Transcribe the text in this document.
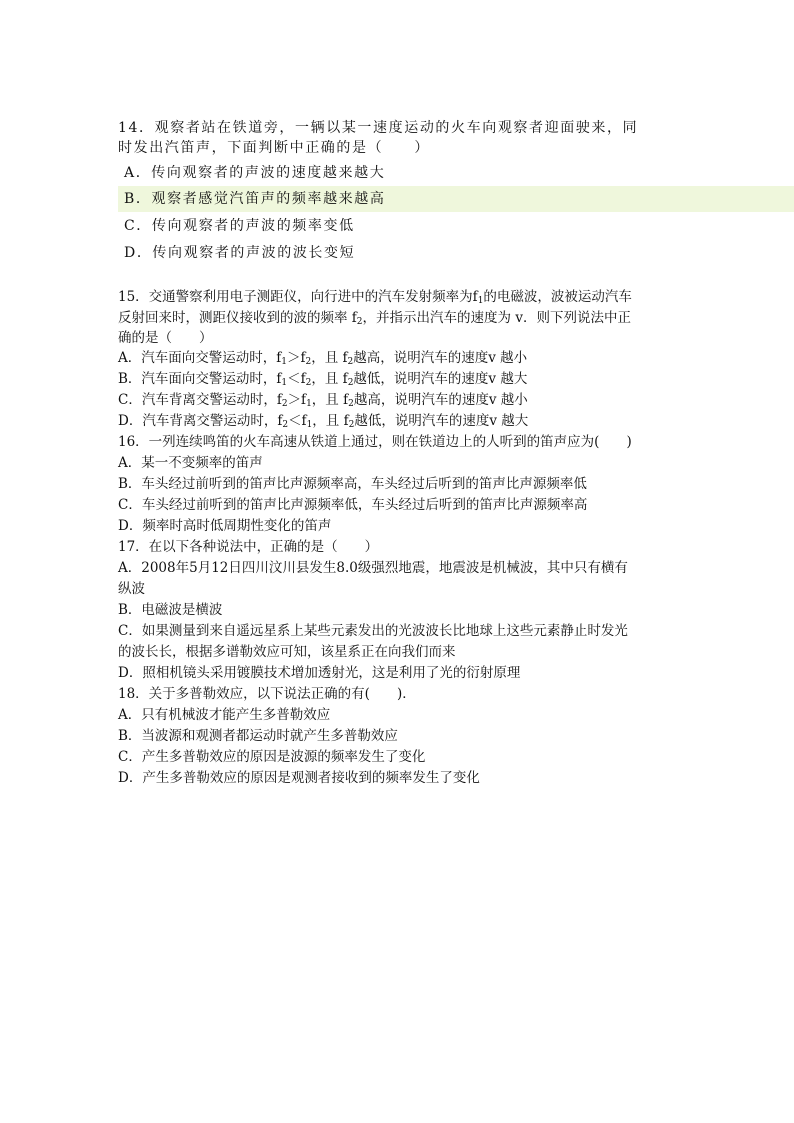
14．观察者站在铁道旁，一辆以某一速度运动的火车向观察者迎面驶来，同
时发出汽笛声，下面判断中正确的是（　　）
A．传向观察者的声波的速度越来越大
B．观察者感觉汽笛声的频率越来越高
C．传向观察者的声波的频率变低
D．传向观察者的声波的波长变短
15．交通警察利用电子测距仪，向行进中的汽车发射频率为$f_1$的电磁波，波被运动汽车
反射回来时，测距仪接收到的波的频率 $f_2$，并指示出汽车的速度为 v．则下列说法中正
确的是（　　）
A．汽车面向交警运动时，$f_1>f_2$，且 $f_2$越高，说明汽车的速度v 越小
B．汽车面向交警运动时，$f_1<f_2$，且 $f_2$越低，说明汽车的速度v 越大
C．汽车背离交警运动时，$f_2>f_1$，且 $f_2$越高，说明汽车的速度v 越小
D．汽车背离交警运动时，$f_2<f_1$，且 $f_2$越低，说明汽车的速度v 越大
16．一列连续鸣笛的火车高速从铁道上通过，则在铁道边上的人听到的笛声应为(　　)
A．某一不变频率的笛声
B．车头经过前听到的笛声比声源频率高，车头经过后听到的笛声比声源频率低
C．车头经过前听到的笛声比声源频率低，车头经过后听到的笛声比声源频率高
D．频率时高时低周期性变化的笛声
17．在以下各种说法中，正确的是（　　）
A．2008年5月12日四川汶川县发生8.0级强烈地震，地震波是机械波，其中只有横有
纵波
B．电磁波是横波
C．如果测量到来自遥远星系上某些元素发出的光波波长比地球上这些元素静止时发光
的波长长，根据多谱勒效应可知，该星系正在向我们而来
D．照相机镜头采用镀膜技术增加透射光，这是利用了光的衍射原理
18．关于多普勒效应，以下说法正确的有(　　)．
A．只有机械波才能产生多普勒效应
B．当波源和观测者都运动时就产生多普勒效应
C．产生多普勒效应的原因是波源的频率发生了变化
D．产生多普勒效应的原因是观测者接收到的频率发生了变化
